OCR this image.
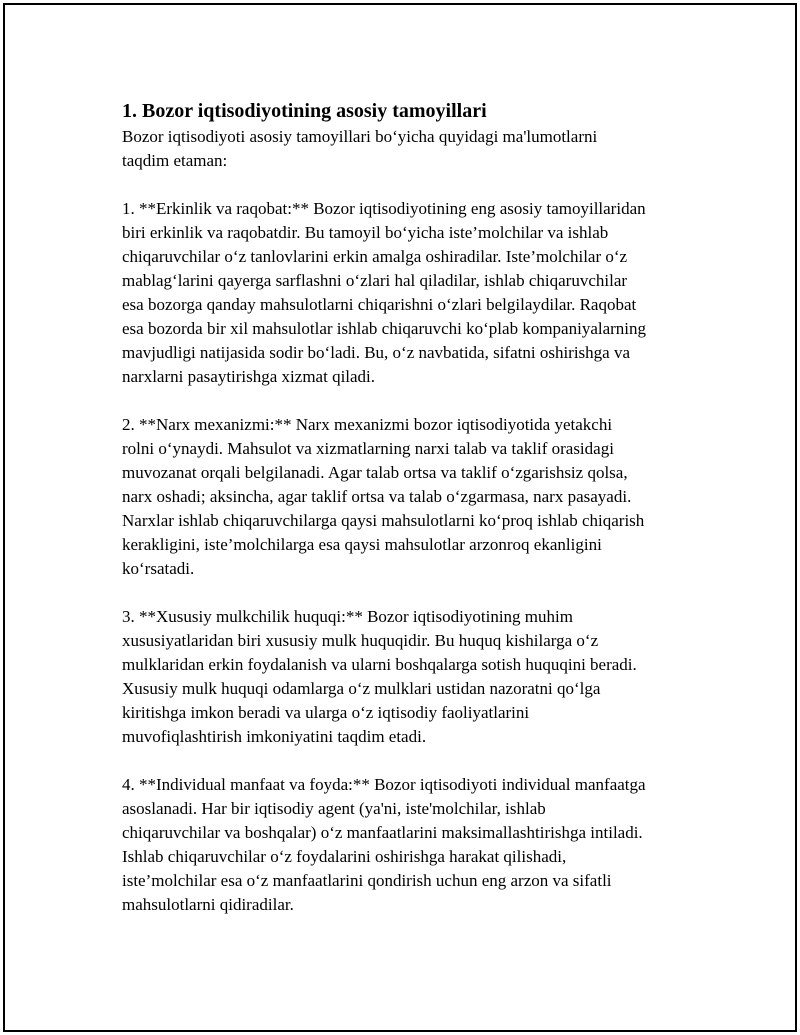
1. Bozor iqtisodiyotining asosiy tamoyillari
Bozor iqtisodiyoti asosiy tamoyillari boʻyicha quyidagi ma'lumotlarni
taqdim etaman:
1. **Erkinlik va raqobat:** Bozor iqtisodiyotining eng asosiy tamoyillaridan
biri erkinlik va raqobatdir. Bu tamoyil boʻyicha iste’molchilar va ishlab
chiqaruvchilar oʻz tanlovlarini erkin amalga oshiradilar. Iste’molchilar oʻz
mablagʻlarini qayerga sarflashni oʻzlari hal qiladilar, ishlab chiqaruvchilar
esa bozorga qanday mahsulotlarni chiqarishni oʻzlari belgilaydilar. Raqobat
esa bozorda bir xil mahsulotlar ishlab chiqaruvchi koʻplab kompaniyalarning
mavjudligi natijasida sodir boʻladi. Bu, oʻz navbatida, sifatni oshirishga va
narxlarni pasaytirishga xizmat qiladi.
2. **Narx mexanizmi:** Narx mexanizmi bozor iqtisodiyotida yetakchi
rolni oʻynaydi. Mahsulot va xizmatlarning narxi talab va taklif orasidagi
muvozanat orqali belgilanadi. Agar talab ortsa va taklif oʻzgarishsiz qolsa,
narx oshadi; aksincha, agar taklif ortsa va talab oʻzgarmasa, narx pasayadi.
Narxlar ishlab chiqaruvchilarga qaysi mahsulotlarni koʻproq ishlab chiqarish
kerakligini, iste’molchilarga esa qaysi mahsulotlar arzonroq ekanligini
koʻrsatadi.
3. **Xususiy mulkchilik huquqi:** Bozor iqtisodiyotining muhim
xususiyatlaridan biri xususiy mulk huquqidir. Bu huquq kishilarga oʻz
mulklaridan erkin foydalanish va ularni boshqalarga sotish huquqini beradi.
Xususiy mulk huquqi odamlarga oʻz mulklari ustidan nazoratni qoʻlga
kiritishga imkon beradi va ularga oʻz iqtisodiy faoliyatlarini
muvofiqlashtirish imkoniyatini taqdim etadi.
4. **Individual manfaat va foyda:** Bozor iqtisodiyoti individual manfaatga
asoslanadi. Har bir iqtisodiy agent (ya'ni, iste'molchilar, ishlab
chiqaruvchilar va boshqalar) oʻz manfaatlarini maksimallashtirishga intiladi.
Ishlab chiqaruvchilar oʻz foydalarini oshirishga harakat qilishadi,
iste’molchilar esa oʻz manfaatlarini qondirish uchun eng arzon va sifatli
mahsulotlarni qidiradilar.
